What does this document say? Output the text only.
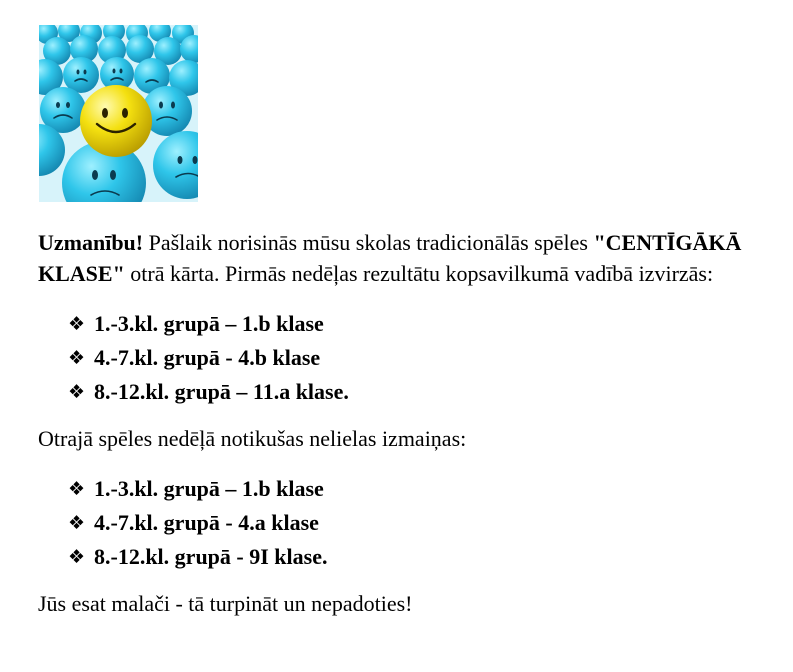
Uzmanību! Pašlaik norisinās mūsu skolas tradicionālās spēles "CENTĪGĀKĀ KLASE" otrā kārta. Pirmās nedēļas rezultātu kopsavilkumā vadībā izvirzās:

❖ 1.-3.kl. grupā – 1.b klase
❖ 4.-7.kl. grupā - 4.b klase
❖ 8.-12.kl. grupā – 11.a klase.

Otrajā spēles nedēļā notikušas nelielas izmaiņas:

❖ 1.-3.kl. grupā – 1.b klase
❖ 4.-7.kl. grupā - 4.a klase
❖ 8.-12.kl. grupā - 9I klase.

Jūs esat malači - tā turpināt un nepadoties!
